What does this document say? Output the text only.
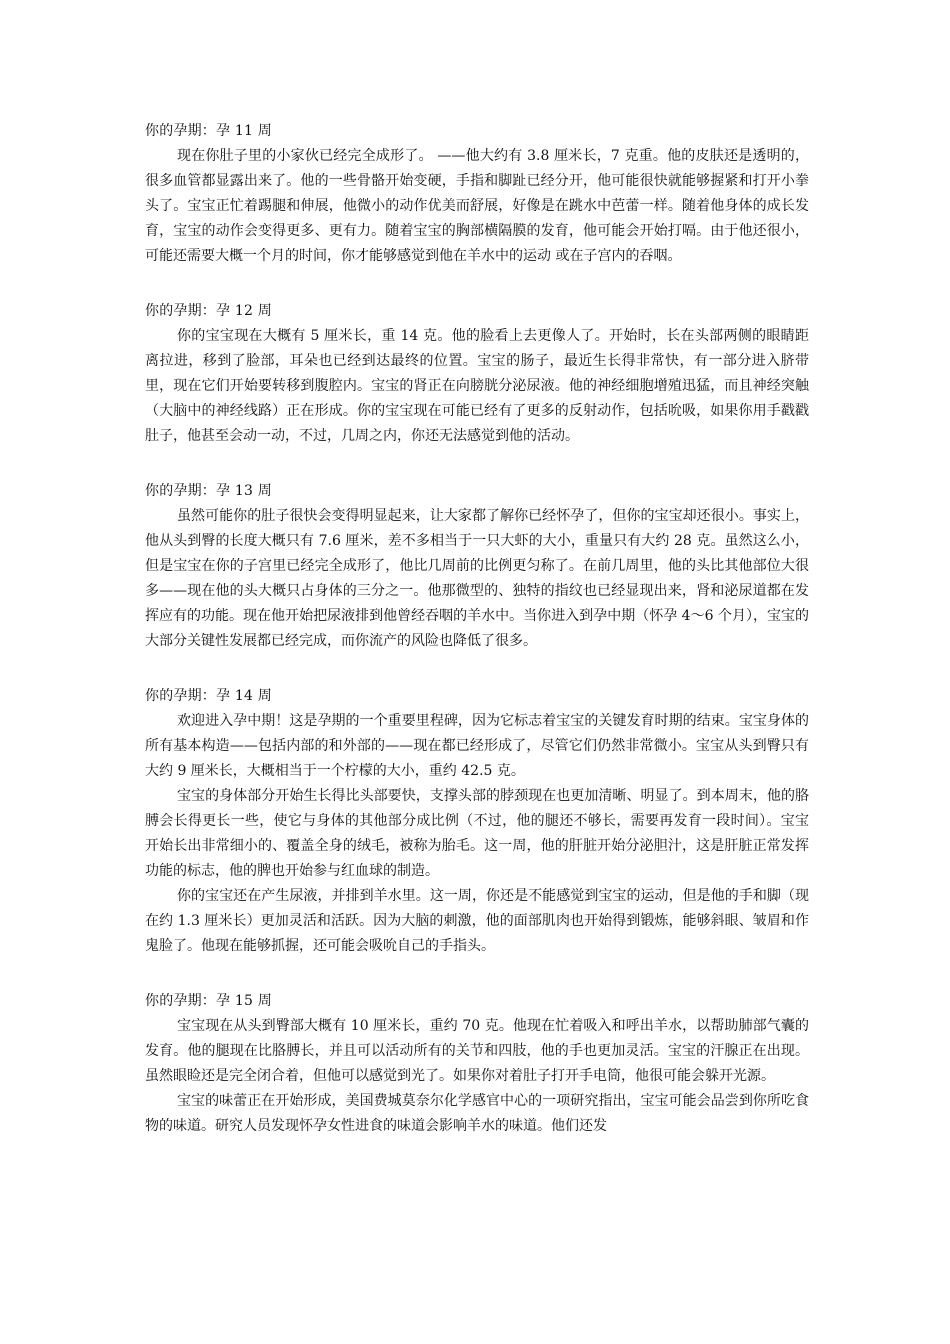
你的孕期：孕 11 周

现在你肚子里的小家伙已经完全成形了。 ——他大约有 3.8 厘米长，7 克重。他的皮肤还是透明的，很多血管都显露出来了。他的一些骨骼开始变硬，手指和脚趾已经分开，他可能很快就能够握紧和打开小拳头了。宝宝正忙着踢腿和伸展，他微小的动作优美而舒展，好像是在跳水中芭蕾一样。随着他身体的成长发育，宝宝的动作会变得更多、更有力。随着宝宝的胸部横隔膜的发育，他可能会开始打嗝。由于他还很小，可能还需要大概一个月的时间，你才能够感觉到他在羊水中的运动 或在子宫内的吞咽。

你的孕期：孕 12 周

你的宝宝现在大概有 5 厘米长，重 14 克。他的脸看上去更像人了。开始时，长在头部两侧的眼睛距离拉进，移到了脸部，耳朵也已经到达最终的位置。宝宝的肠子，最近生长得非常快，有一部分进入脐带里，现在它们开始要转移到腹腔内。宝宝的肾正在向膀胱分泌尿液。他的神经细胞增殖迅猛，而且神经突触（大脑中的神经线路）正在形成。你的宝宝现在可能已经有了更多的反射动作，包括吮吸，如果你用手戳戳肚子，他甚至会动一动，不过，几周之内，你还无法感觉到他的活动。

你的孕期：孕 13 周

虽然可能你的肚子很快会变得明显起来，让大家都了解你已经怀孕了，但你的宝宝却还很小。事实上，他从头到臀的长度大概只有 7.6 厘米，差不多相当于一只大虾的大小，重量只有大约 28 克。虽然这么小，但是宝宝在你的子宫里已经完全成形了，他比几周前的比例更匀称了。在前几周里，他的头比其他部位大很多——现在他的头大概只占身体的三分之一。他那微型的、独特的指纹也已经显现出来，肾和泌尿道都在发挥应有的功能。现在他开始把尿液排到他曾经吞咽的羊水中。当你进入到孕中期（怀孕 4～6 个月），宝宝的大部分关键性发展都已经完成，而你流产的风险也降低了很多。

你的孕期：孕 14 周

欢迎进入孕中期！这是孕期的一个重要里程碑，因为它标志着宝宝的关键发育时期的结束。宝宝身体的所有基本构造——包括内部的和外部的——现在都已经形成了，尽管它们仍然非常微小。宝宝从头到臀只有大约 9 厘米长，大概相当于一个柠檬的大小，重约 42.5 克。

宝宝的身体部分开始生长得比头部要快，支撑头部的脖颈现在也更加清晰、明显了。到本周末，他的胳膊会长得更长一些，使它与身体的其他部分成比例（不过，他的腿还不够长，需要再发育一段时间）。宝宝开始长出非常细小的、覆盖全身的绒毛，被称为胎毛。这一周，他的肝脏开始分泌胆汁，这是肝脏正常发挥功能的标志，他的脾也开始参与红血球的制造。

你的宝宝还在产生尿液，并排到羊水里。这一周，你还是不能感觉到宝宝的运动，但是他的手和脚（现在约 1.3 厘米长）更加灵活和活跃。因为大脑的刺激，他的面部肌肉也开始得到锻炼，能够斜眼、皱眉和作鬼脸了。他现在能够抓握，还可能会吸吮自己的手指头。

你的孕期：孕 15 周

宝宝现在从头到臀部大概有 10 厘米长，重约 70 克。他现在忙着吸入和呼出羊水，以帮助肺部气囊的发育。他的腿现在比胳膊长，并且可以活动所有的关节和四肢，他的手也更加灵活。宝宝的汗腺正在出现。虽然眼睑还是完全闭合着，但他可以感觉到光了。如果你对着肚子打开手电筒，他很可能会躲开光源。

宝宝的味蕾正在开始形成，美国费城莫奈尔化学感官中心的一项研究指出，宝宝可能会品尝到你所吃食物的味道。研究人员发现怀孕女性进食的味道会影响羊水的味道。他们还发
